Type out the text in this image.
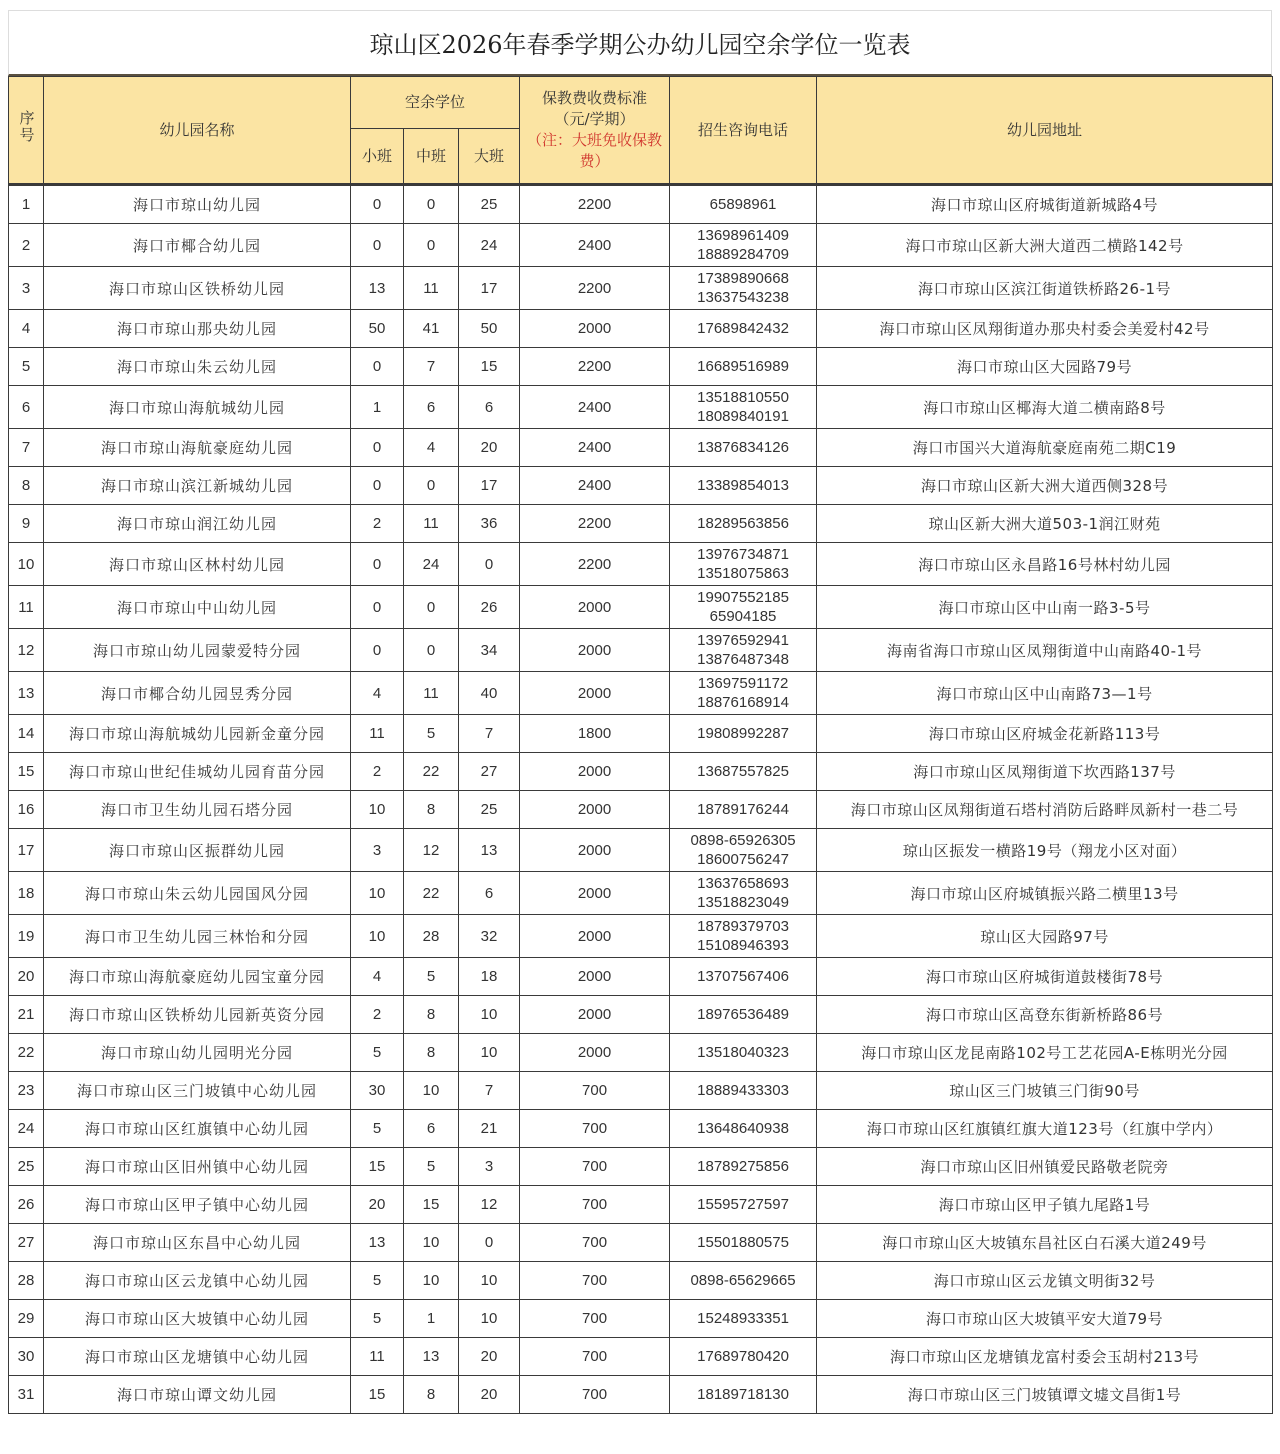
琼山区2026年春季学期公办幼儿园空余学位一览表
序号	幼儿园名称	空余学位			保教费收费标准
（元/学期）
（注：大班免收保教费）	招生咨询电话	幼儿园地址
		小班	中班	大班			
1	海口市琼山幼儿园	0	0	25	2200	65898961	海口市琼山区府城街道新城路4号
2	海口市椰合幼儿园	0	0	24	2400	13698961409
18889284709	海口市琼山区新大洲大道西二横路142号
3	海口市琼山区铁桥幼儿园	13	11	17	2200	17389890668
13637543238	海口市琼山区滨江街道铁桥路26-1号
4	海口市琼山那央幼儿园	50	41	50	2000	17689842432	海口市琼山区凤翔街道办那央村委会美爱村42号
5	海口市琼山朱云幼儿园	0	7	15	2200	16689516989	海口市琼山区大园路79号
6	海口市琼山海航城幼儿园	1	6	6	2400	13518810550
18089840191	海口市琼山区椰海大道二横南路8号
7	海口市琼山海航豪庭幼儿园	0	4	20	2400	13876834126	海口市国兴大道海航豪庭南苑二期C19
8	海口市琼山滨江新城幼儿园	0	0	17	2400	13389854013	海口市琼山区新大洲大道西侧328号
9	海口市琼山润江幼儿园	2	11	36	2200	18289563856	琼山区新大洲大道503-1润江财苑
10	海口市琼山区林村幼儿园	0	24	0	2200	13976734871
13518075863	海口市琼山区永昌路16号林村幼儿园
11	海口市琼山中山幼儿园	0	0	26	2000	19907552185
65904185	海口市琼山区中山南一路3-5号
12	海口市琼山幼儿园蒙爱特分园	0	0	34	2000	13976592941
13876487348	海南省海口市琼山区凤翔街道中山南路40-1号
13	海口市椰合幼儿园昱秀分园	4	11	40	2000	13697591172
18876168914	海口市琼山区中山南路73—1号
14	海口市琼山海航城幼儿园新金童分园	11	5	7	1800	19808992287	海口市琼山区府城金花新路113号
15	海口市琼山世纪佳城幼儿园育苗分园	2	22	27	2000	13687557825	海口市琼山区凤翔街道下坎西路137号
16	海口市卫生幼儿园石塔分园	10	8	25	2000	18789176244	海口市琼山区凤翔街道石塔村消防后路畔凤新村一巷二号
17	海口市琼山区振群幼儿园	3	12	13	2000	0898-65926305
18600756247	琼山区振发一横路19号（翔龙小区对面）
18	海口市琼山朱云幼儿园国风分园	10	22	6	2000	13637658693
13518823049	海口市琼山区府城镇振兴路二横里13号
19	海口市卫生幼儿园三林怡和分园	10	28	32	2000	18789379703
15108946393	琼山区大园路97号
20	海口市琼山海航豪庭幼儿园宝童分园	4	5	18	2000	13707567406	海口市琼山区府城街道鼓楼街78号
21	海口市琼山区铁桥幼儿园新英资分园	2	8	10	2000	18976536489	海口市琼山区高登东街新桥路86号
22	海口市琼山幼儿园明光分园	5	8	10	2000	13518040323	海口市琼山区龙昆南路102号工艺花园A-E栋明光分园
23	海口市琼山区三门坡镇中心幼儿园	30	10	7	700	18889433303	琼山区三门坡镇三门街90号
24	海口市琼山区红旗镇中心幼儿园	5	6	21	700	13648640938	海口市琼山区红旗镇红旗大道123号（红旗中学内）
25	海口市琼山区旧州镇中心幼儿园	15	5	3	700	18789275856	海口市琼山区旧州镇爱民路敬老院旁
26	海口市琼山区甲子镇中心幼儿园	20	15	12	700	15595727597	海口市琼山区甲子镇九尾路1号
27	海口市琼山区东昌中心幼儿园	13	10	0	700	15501880575	海口市琼山区大坡镇东昌社区白石溪大道249号
28	海口市琼山区云龙镇中心幼儿园	5	10	10	700	0898-65629665	海口市琼山区云龙镇文明街32号
29	海口市琼山区大坡镇中心幼儿园	5	1	10	700	15248933351	海口市琼山区大坡镇平安大道79号
30	海口市琼山区龙塘镇中心幼儿园	11	13	20	700	17689780420	海口市琼山区龙塘镇龙富村委会玉胡村213号
31	海口市琼山谭文幼儿园	15	8	20	700	18189718130	海口市琼山区三门坡镇谭文墟文昌街1号
